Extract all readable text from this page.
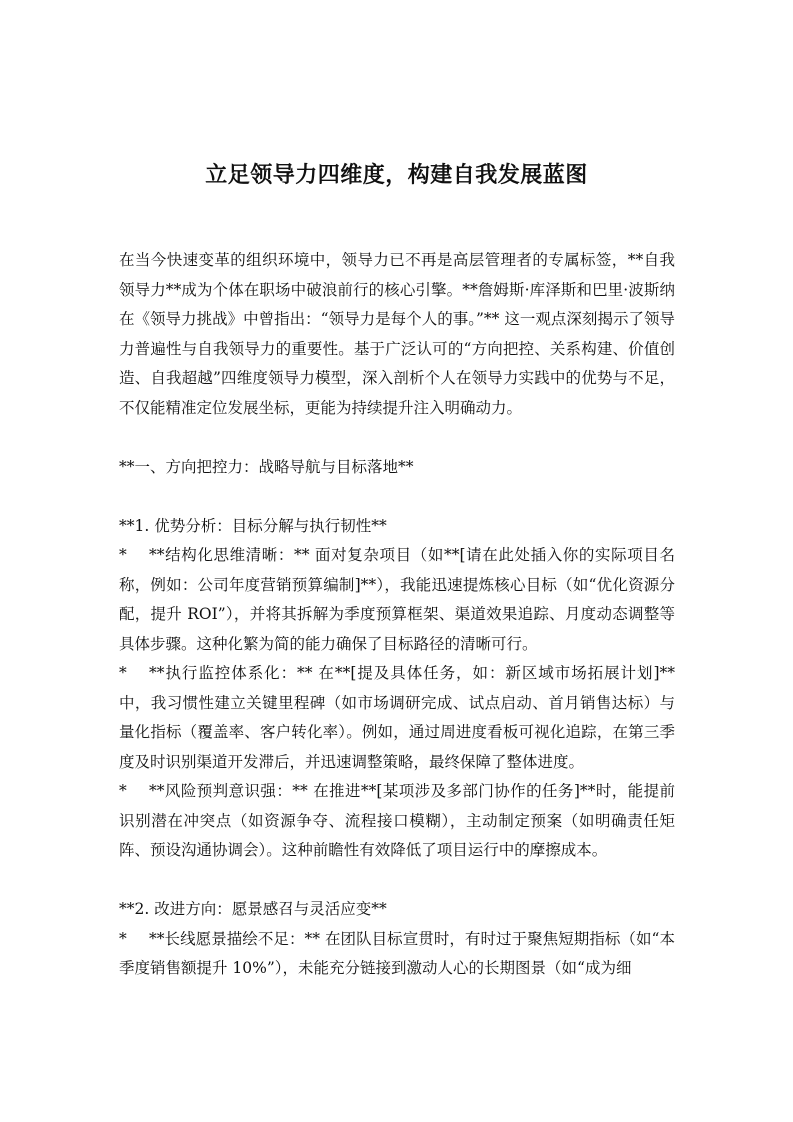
立足领导力四维度，构建自我发展蓝图

在当今快速变革的组织环境中，领导力已不再是高层管理者的专属标签，**自我领导力**成为个体在职场中破浪前行的核心引擎。**詹姆斯·库泽斯和巴里·波斯纳在《领导力挑战》中曾指出：“领导力是每个人的事。”** 这一观点深刻揭示了领导力普遍性与自我领导力的重要性。基于广泛认可的“方向把控、关系构建、价值创造、自我超越”四维度领导力模型，深入剖析个人在领导力实践中的优势与不足，不仅能精准定位发展坐标，更能为持续提升注入明确动力。

**一、方向把控力：战略导航与目标落地**

**1. 优势分析：目标分解与执行韧性**

* **结构化思维清晰：** 面对复杂项目（如**[请在此处插入你的实际项目名称，例如：公司年度营销预算编制]**），我能迅速提炼核心目标（如“优化资源分配，提升 ROI”），并将其拆解为季度预算框架、渠道效果追踪、月度动态调整等具体步骤。这种化繁为简的能力确保了目标路径的清晰可行。

* **执行监控体系化：** 在**[提及具体任务，如：新区域市场拓展计划]**中，我习惯性建立关键里程碑（如市场调研完成、试点启动、首月销售达标）与量化指标（覆盖率、客户转化率）。例如，通过周进度看板可视化追踪，在第三季度及时识别渠道开发滞后，并迅速调整策略，最终保障了整体进度。

* **风险预判意识强：** 在推进**[某项涉及多部门协作的任务]**时，能提前识别潜在冲突点（如资源争夺、流程接口模糊），主动制定预案（如明确责任矩阵、预设沟通协调会）。这种前瞻性有效降低了项目运行中的摩擦成本。

**2. 改进方向：愿景感召与灵活应变**

* **长线愿景描绘不足：** 在团队目标宣贯时，有时过于聚焦短期指标（如“本季度销售额提升 10%”），未能充分链接到激动人心的长期图景（如“成为细
